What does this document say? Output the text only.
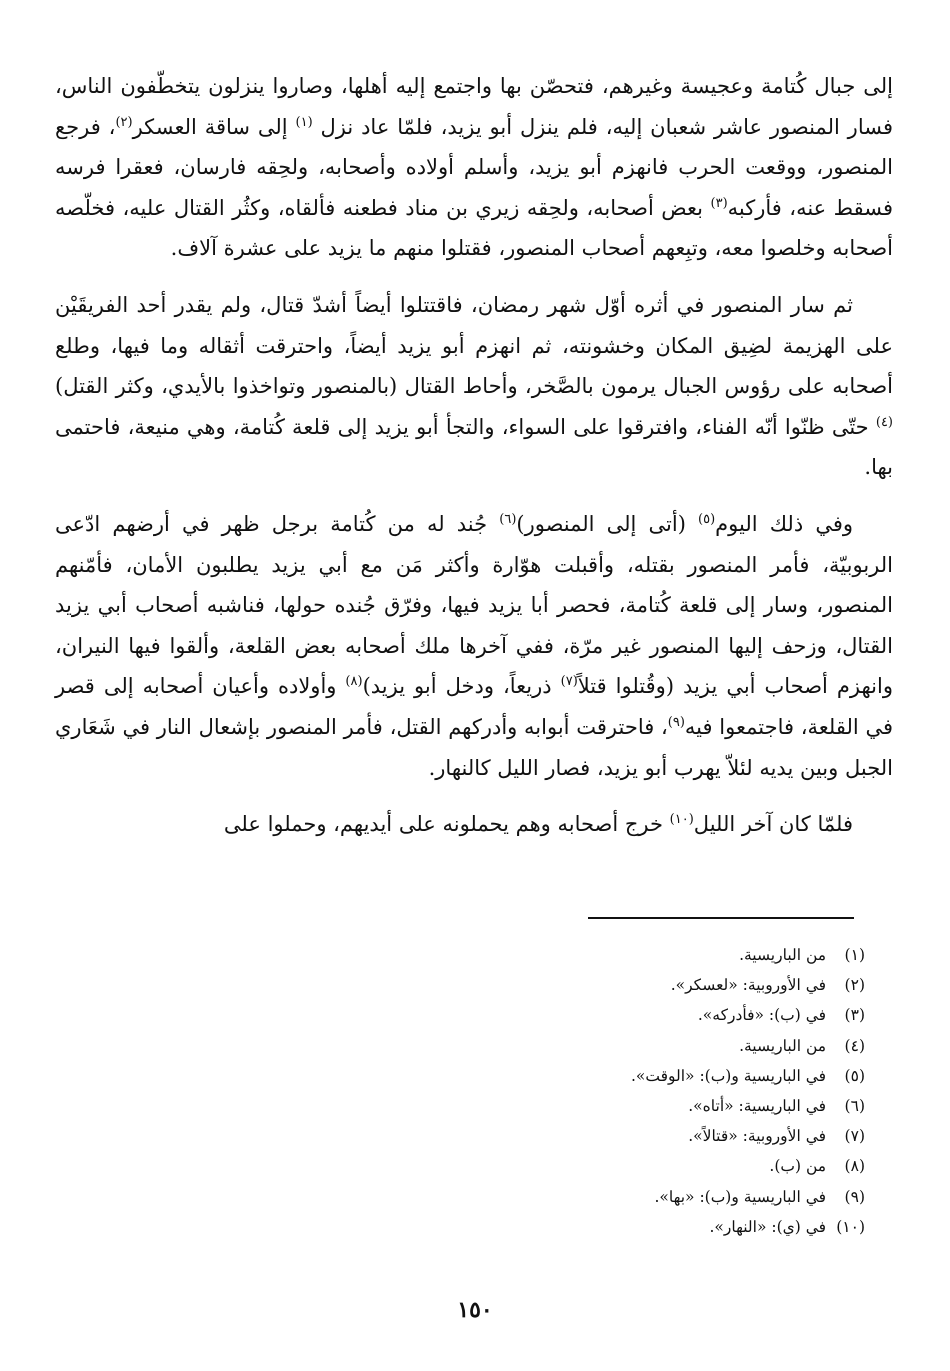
إلى جبال كُتامة وعجيسة وغيرهم، فتحصّن بها واجتمع إليه أهلها، وصاروا ينزلون يتخطّفون الناس، فسار المنصور عاشر شعبان إليه، فلم ينزل أبو يزيد، فلمّا عاد نزل $^{(١)}$ إلى ساقة العسكر$^{(٢)}$، فرجع المنصور، ووقعت الحرب فانهزم أبو يزيد، وأسلم أولاده وأصحابه، ولحِقه فارسان، فعقرا فرسه فسقط عنه، فأركبه$^{(٣)}$ بعض أصحابه، ولحِقه زيري بن مناد فطعنه فألقاه، وكثُر القتال عليه، فخلّصه أصحابه وخلصوا معه، وتبِعهم أصحاب المنصور، فقتلوا منهم ما يزيد على عشرة آلاف.

ثم سار المنصور في أثره أوّل شهر رمضان، فاقتتلوا أيضاً أشدّ قتال، ولم يقدر أحد الفريقَيْن على الهزيمة لضِيق المكان وخشونته، ثم انهزم أبو يزيد أيضاً، واحترقت أثقاله وما فيها، وطلع أصحابه على رؤوس الجبال يرمون بالصَّخر، وأحاط القتال (بالمنصور وتواخذوا بالأيدي، وكثر القتل)$^{(٤)}$ حتّى ظنّوا أنّه الفناء، وافترقوا على السواء، والتجأ أبو يزيد إلى قلعة كُتامة، وهي منيعة، فاحتمى بها.

وفي ذلك اليوم$^{(٥)}$ (أتى إلى المنصور)$^{(٦)}$ جُند له من كُتامة برجل ظهر في أرضهم ادّعى الربوبيّة، فأمر المنصور بقتله، وأقبلت هوّارة وأكثر مَن مع أبي يزيد يطلبون الأمان، فأمّنهم المنصور، وسار إلى قلعة كُتامة، فحصر أبا يزيد فيها، وفرّق جُنده حولها، فناشبه أصحاب أبي يزيد القتال، وزحف إليها المنصور غير مرّة، ففي آخرها ملك أصحابه بعض القلعة، وألقوا فيها النيران، وانهزم أصحاب أبي يزيد (وقُتلوا قتلاً$^{(٧)}$ ذريعاً، ودخل أبو يزيد)$^{(٨)}$ وأولاده وأعيان أصحابه إلى قصر في القلعة، فاجتمعوا فيه$^{(٩)}$، فاحترقت أبوابه وأدركهم القتل، فأمر المنصور بإشعال النار في شَعَاري الجبل وبين يديه لئلاّ يهرب أبو يزيد، فصار الليل كالنهار.

فلمّا كان آخر الليل$^{(١٠)}$ خرج أصحابه وهم يحملونه على أيديهم، وحملوا على

(١) من الباريسية.
(٢) في الأوروبية: «لعسكر».
(٣) في (ب): «فأدركه».
(٤) من الباريسية.
(٥) في الباريسية و(ب): «الوقت».
(٦) في الباريسية: «أتاه».
(٧) في الأوروبية: «قتالاً».
(٨) من (ب).
(٩) في الباريسية و(ب): «بها».
(١٠) في (ي): «النهار».
١٥٠
